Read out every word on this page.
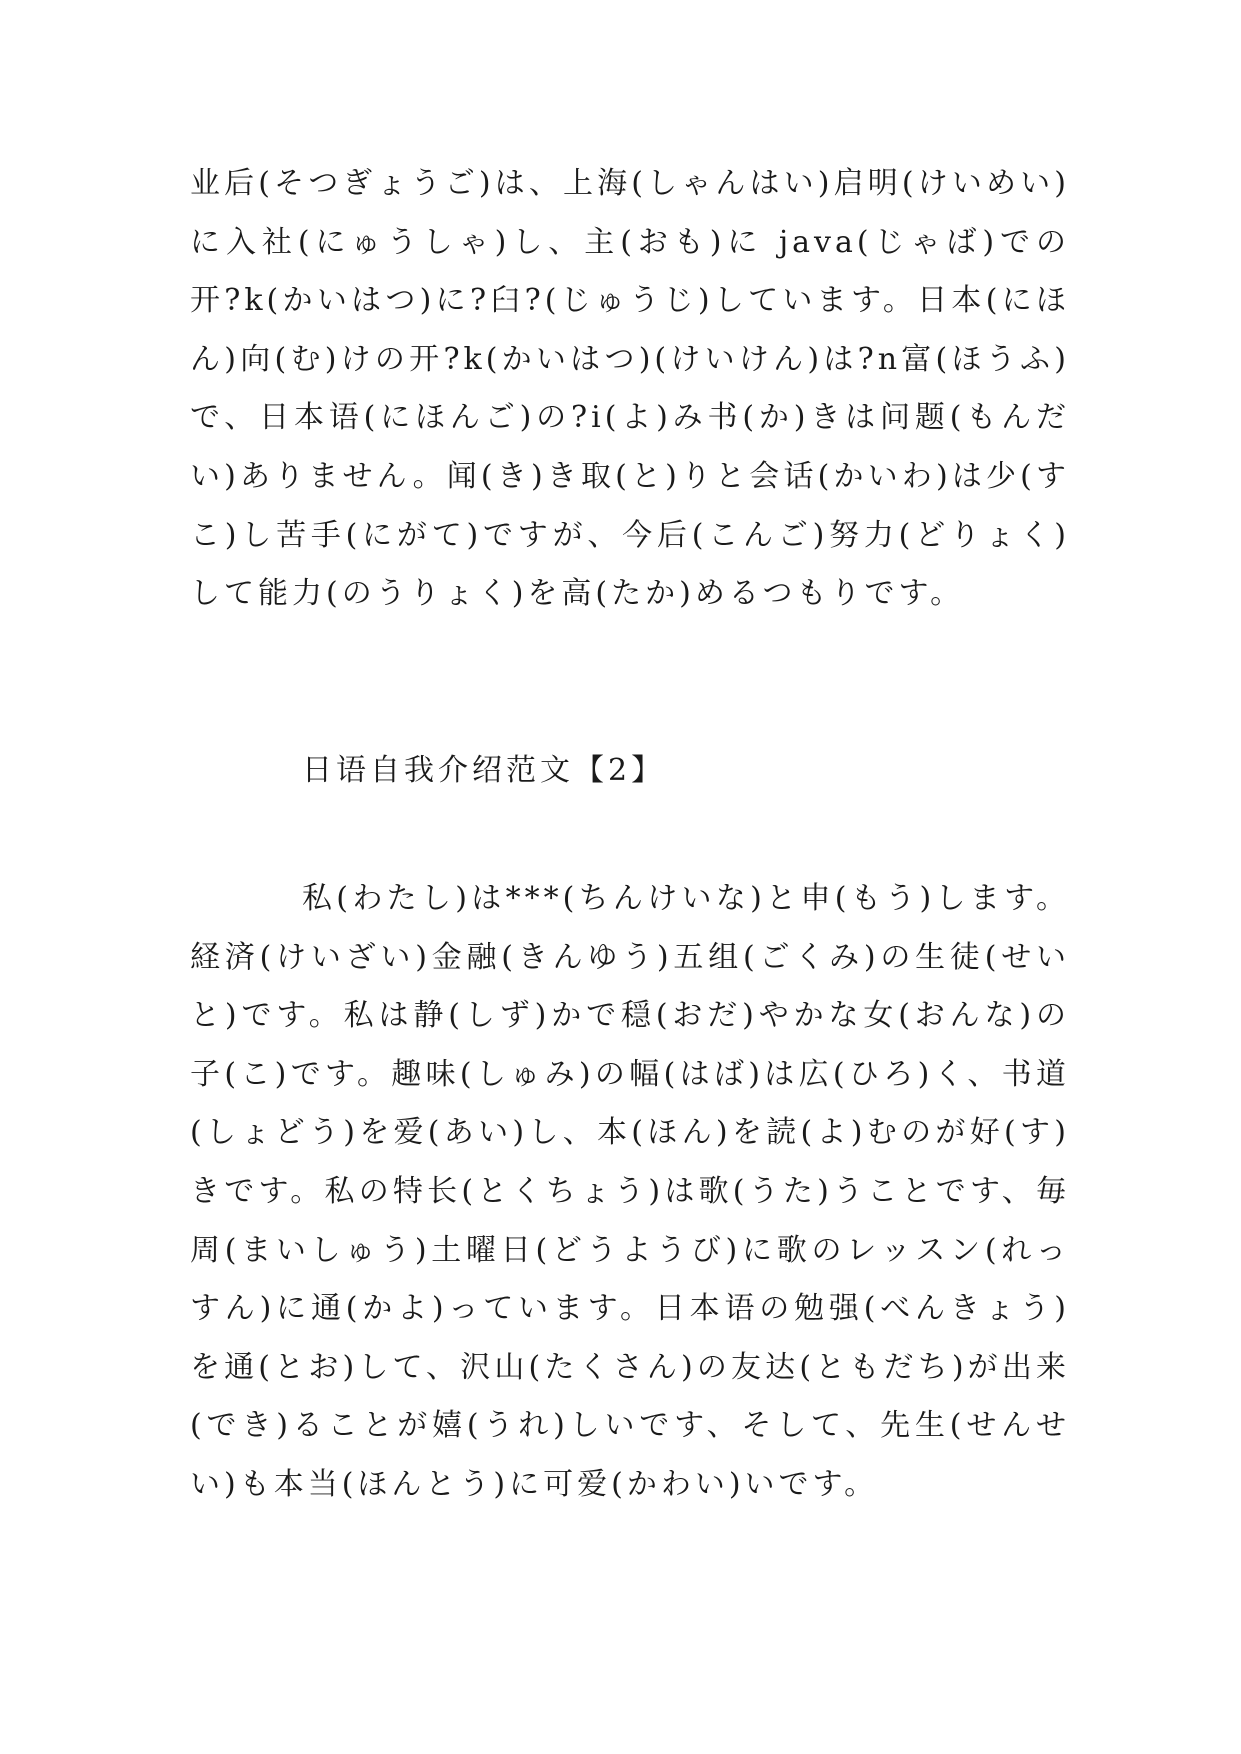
业后(そつぎょうご)は、上海(しゃんはい)启明(けいめい)に入社(にゅうしゃ)し、主(おも)に java(じゃば)での开?k(かいはつ)に?臼?(じゅうじ)しています。日本(にほん)向(む)けの开?k(かいはつ)(けいけん)は?n富(ほうふ)で、日本语(にほんご)の?i(よ)み书(か)きは问题(もんだい)ありません。闻(き)き取(と)りと会话(かいわ)は少(すこ)し苦手(にがて)ですが、今后(こんご)努力(どりょく)して能力(のうりょく)を高(たか)めるつもりです。

日语自我介绍范文【2】

私(わたし)は***(ちんけいな)と申(もう)します。経済(けいざい)金融(きんゆう)五组(ごくみ)の生徒(せいと)です。私は静(しず)かで穏(おだ)やかな女(おんな)の子(こ)です。趣味(しゅみ)の幅(はば)は広(ひろ)く、书道(しょどう)を爱(あい)し、本(ほん)を読(よ)むのが好(す)きです。私の特长(とくちょう)は歌(うた)うことです、毎周(まいしゅう)土曜日(どうようび)に歌のレッスン(れっすん)に通(かよ)っています。日本语の勉强(べんきょう)を通(とお)して、沢山(たくさん)の友达(ともだち)が出来(でき)ることが嬉(うれ)しいです、そして、先生(せんせい)も本当(ほんとう)に可爱(かわい)いです。
